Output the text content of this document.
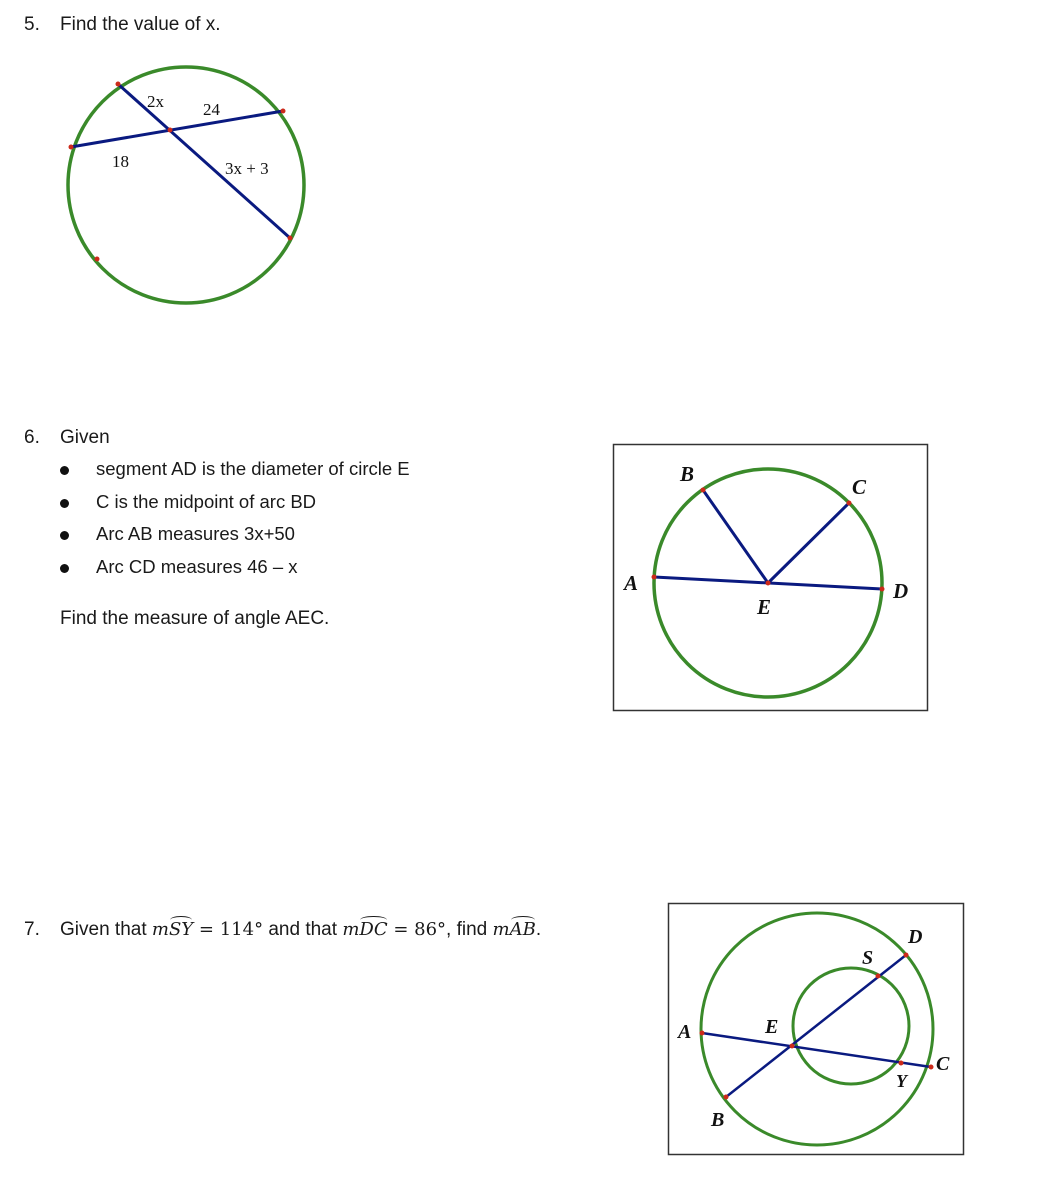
5. Find the value of x.
6. Given
segment AD is the diameter of circle E
C is the midpoint of arc BD
Arc AB measures 3x+50
Arc CD measures 46 – x
Find the measure of angle AEC.
7. Given that mSY = 114° and that mDC = 86°, find mAB.
2x 24
18	3x + 3
B
C
A	D
E
D
S
A	E
C
Y
B
